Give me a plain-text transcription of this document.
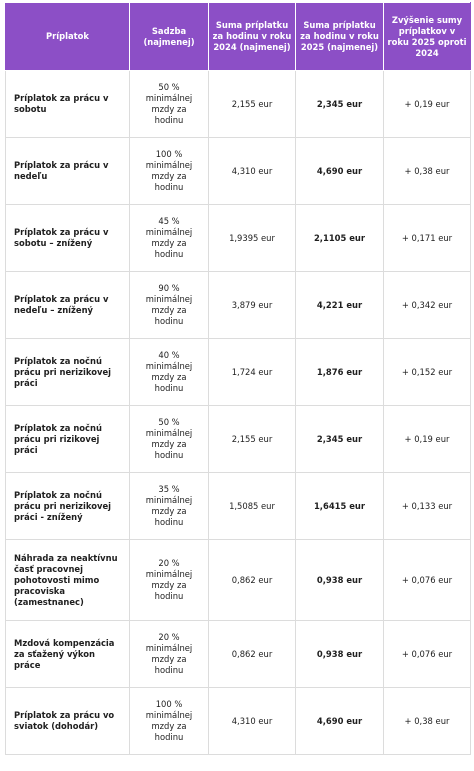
Príplatok	Sadzba (najmenej)	Suma príplatku za hodinu v roku 2024 (najmenej)	Suma príplatku za hodinu v roku 2025 (najmenej)	Zvýšenie sumy príplatkov v roku 2025 oproti 2024
Príplatok za prácu v sobotu	50 % minimálnej mzdy za hodinu	2,155 eur	2,345 eur	+ 0,19 eur
Príplatok za prácu v nedeľu	100 % minimálnej mzdy za hodinu	4,310 eur	4,690 eur	+ 0,38 eur
Príplatok za prácu v sobotu – znížený	45 % minimálnej mzdy za hodinu	1,9395 eur	2,1105 eur	+ 0,171 eur
Príplatok za prácu v nedeľu – znížený	90 % minimálnej mzdy za hodinu	3,879 eur	4,221 eur	+ 0,342 eur
Príplatok za nočnú prácu pri nerizikovej práci	40 % minimálnej mzdy za hodinu	1,724 eur	1,876 eur	+ 0,152 eur
Príplatok za nočnú prácu pri rizikovej práci	50 % minimálnej mzdy za hodinu	2,155 eur	2,345 eur	+ 0,19 eur
Príplatok za nočnú prácu pri nerizikovej práci - znížený	35 % minimálnej mzdy za hodinu	1,5085 eur	1,6415 eur	+ 0,133 eur
Náhrada za neaktívnu časť pracovnej pohotovosti mimo pracoviska (zamestnanec)	20 % minimálnej mzdy za hodinu	0,862 eur	0,938 eur	+ 0,076 eur
Mzdová kompenzácia za sťažený výkon práce	20 % minimálnej mzdy za hodinu	0,862 eur	0,938 eur	+ 0,076 eur
Príplatok za prácu vo sviatok (dohodár)	100 % minimálnej mzdy za hodinu	4,310 eur	4,690 eur	+ 0,38 eur
